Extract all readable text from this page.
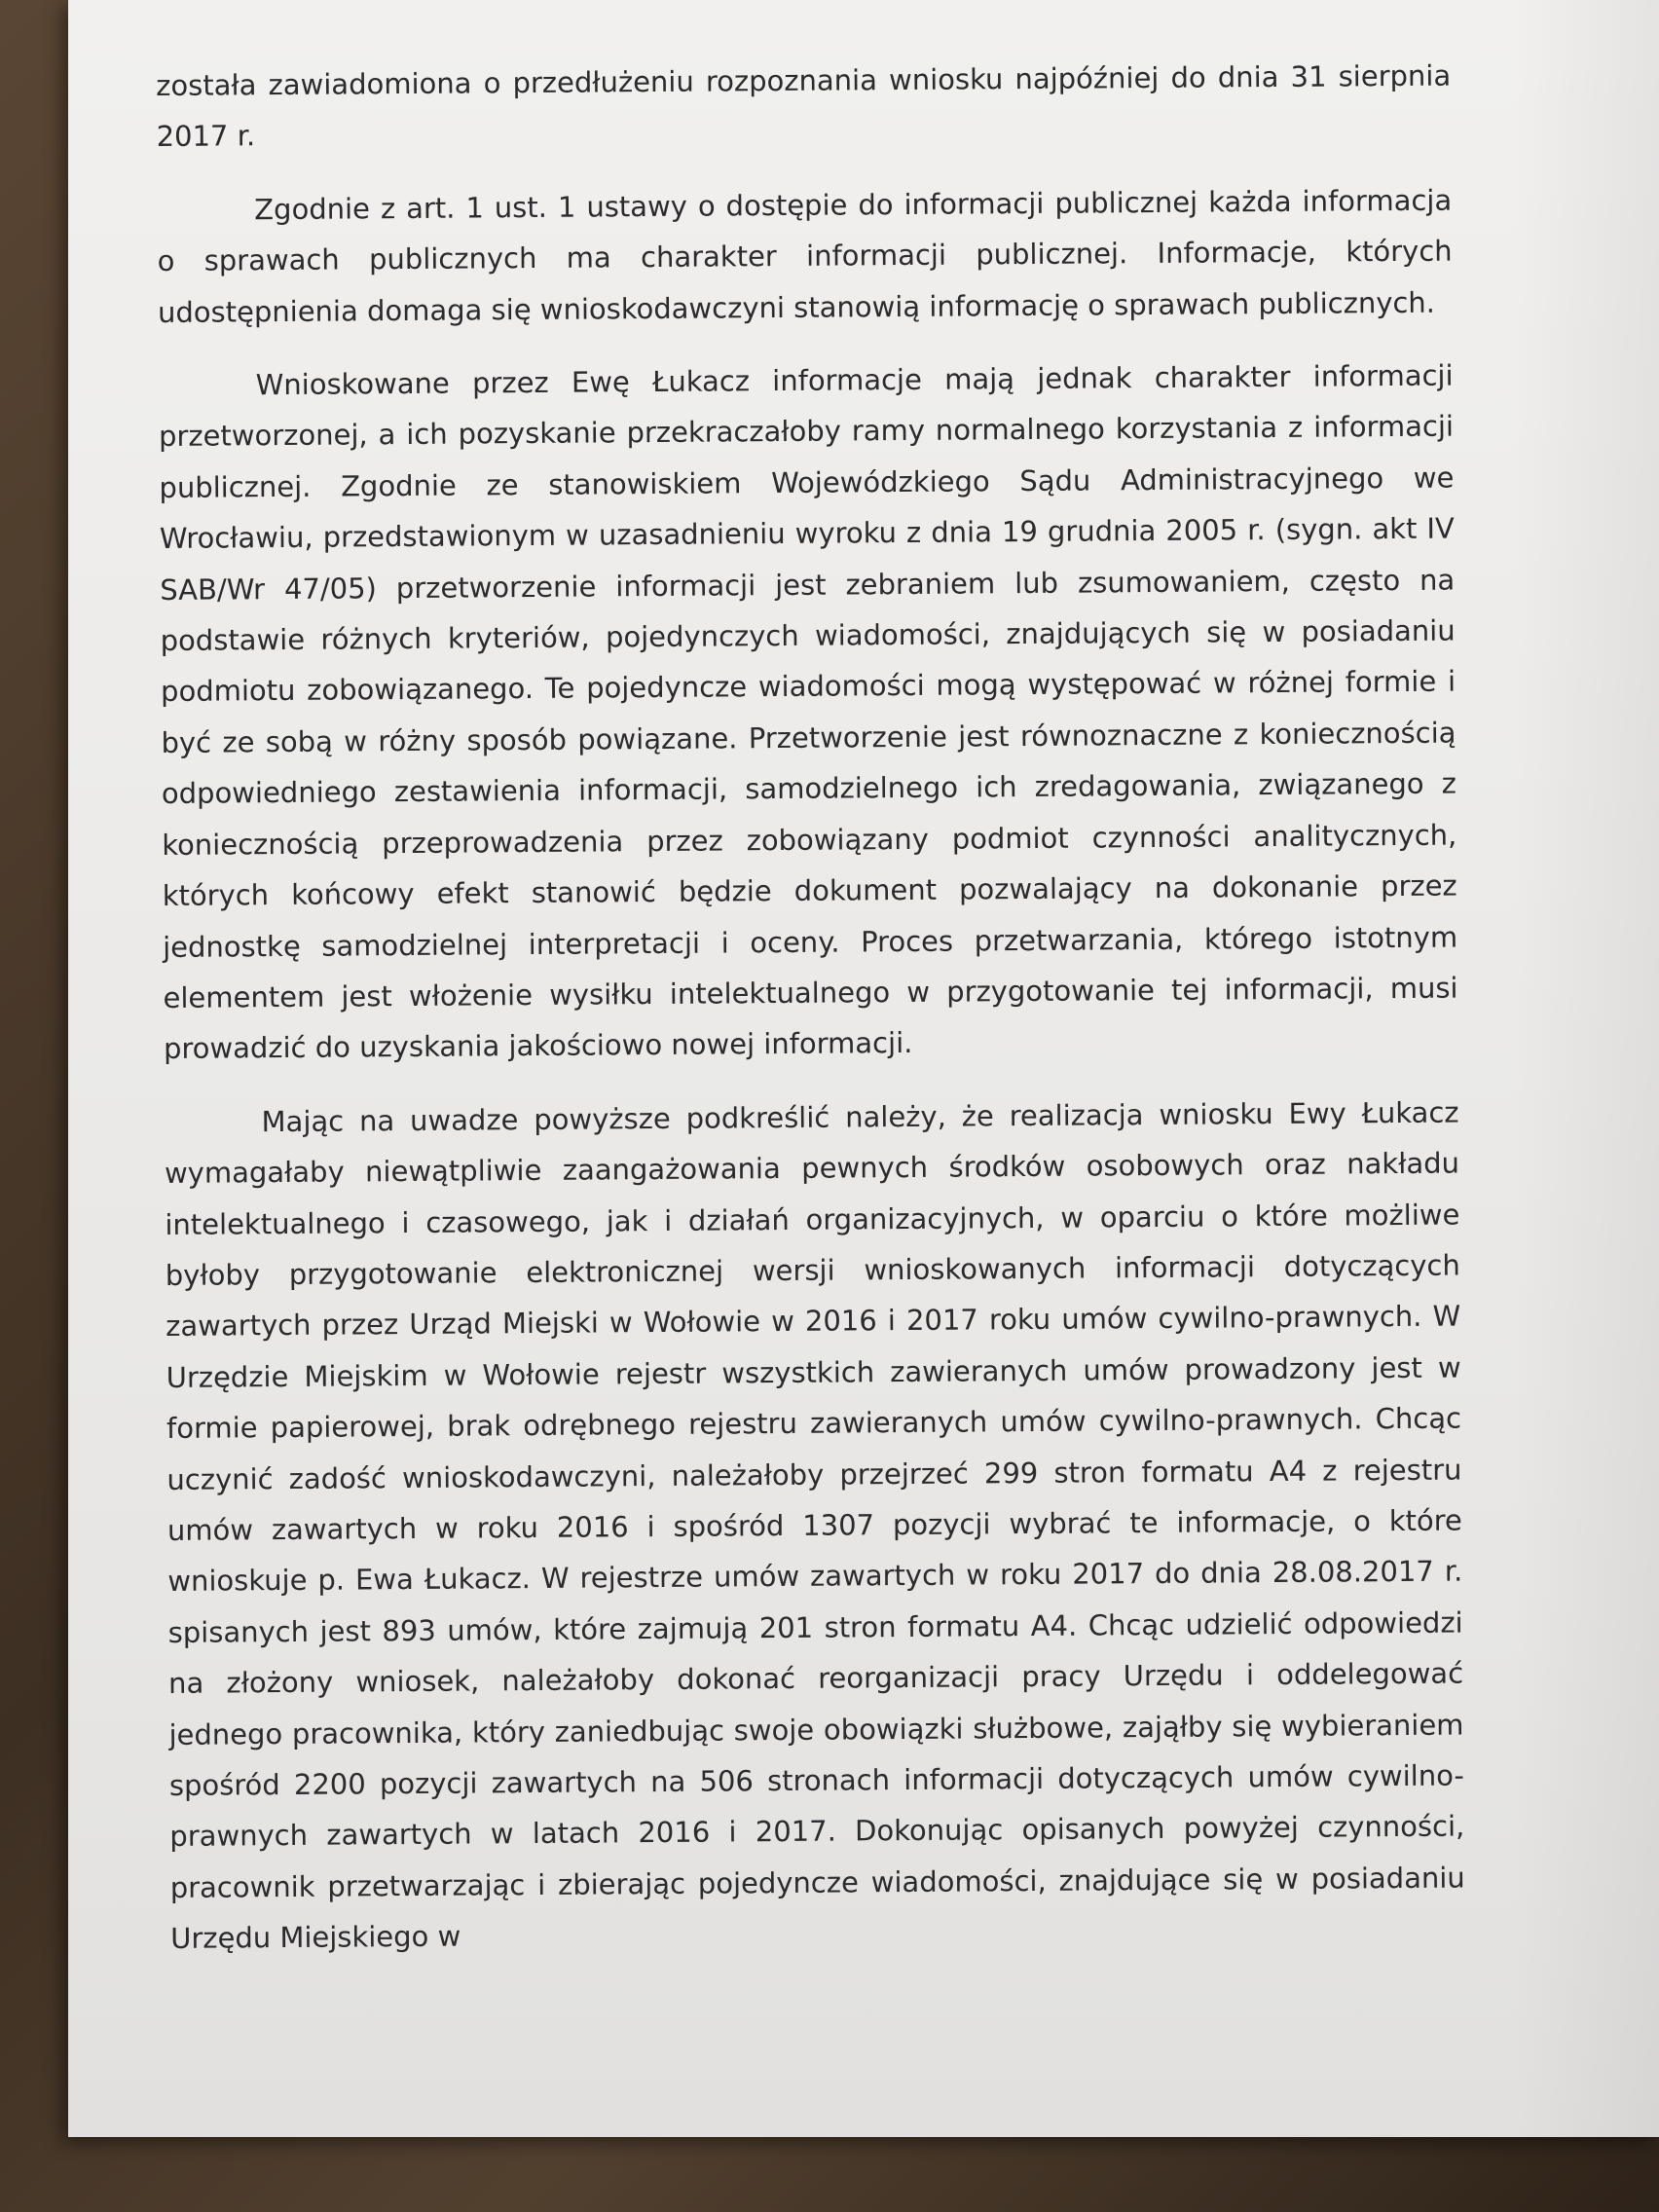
została zawiadomiona o przedłużeniu rozpoznania wniosku najpóźniej do dnia 31 sierpnia 2017 r.

Zgodnie z art. 1 ust. 1 ustawy o dostępie do informacji publicznej każda informacja o sprawach publicznych ma charakter informacji publicznej. Informacje, których udostępnienia domaga się wnioskodawczyni stanowią informację o sprawach publicznych.

Wnioskowane przez Ewę Łukacz informacje mają jednak charakter informacji przetworzonej, a ich pozyskanie przekraczałoby ramy normalnego korzystania z informacji publicznej. Zgodnie ze stanowiskiem Wojewódzkiego Sądu Administracyjnego we Wrocławiu, przedstawionym w uzasadnieniu wyroku z dnia 19 grudnia 2005 r. (sygn. akt IV SAB/Wr 47/05) przetworzenie informacji jest zebraniem lub zsumowaniem, często na podstawie różnych kryteriów, pojedynczych wiadomości, znajdujących się w posiadaniu podmiotu zobowiązanego. Te pojedyncze wiadomości mogą występować w różnej formie i być ze sobą w różny sposób powiązane. Przetworzenie jest równoznaczne z koniecznością odpowiedniego zestawienia informacji, samodzielnego ich zredagowania, związanego z koniecznością przeprowadzenia przez zobowiązany podmiot czynności analitycznych, których końcowy efekt stanowić będzie dokument pozwalający na dokonanie przez jednostkę samodzielnej interpretacji i oceny. Proces przetwarzania, którego istotnym elementem jest włożenie wysiłku intelektualnego w przygotowanie tej informacji, musi prowadzić do uzyskania jakościowo nowej informacji.

Mając na uwadze powyższe podkreślić należy, że realizacja wniosku Ewy Łukacz wymagałaby niewątpliwie zaangażowania pewnych środków osobowych oraz nakładu intelektualnego i czasowego, jak i działań organizacyjnych, w oparciu o które możliwe byłoby przygotowanie elektronicznej wersji wnioskowanych informacji dotyczących zawartych przez Urząd Miejski w Wołowie w 2016 i 2017 roku umów cywilno-prawnych. W Urzędzie Miejskim w Wołowie rejestr wszystkich zawieranych umów prowadzony jest w formie papierowej, brak odrębnego rejestru zawieranych umów cywilno-prawnych. Chcąc uczynić zadość wnioskodawczyni, należałoby przejrzeć 299 stron formatu A4 z rejestru umów zawartych w roku 2016 i spośród 1307 pozycji wybrać te informacje, o które wnioskuje p. Ewa Łukacz. W rejestrze umów zawartych w roku 2017 do dnia 28.08.2017 r. spisanych jest 893 umów, które zajmują 201 stron formatu A4. Chcąc udzielić odpowiedzi na złożony wniosek, należałoby dokonać reorganizacji pracy Urzędu i oddelegować jednego pracownika, który zaniedbując swoje obowiązki służbowe, zająłby się wybieraniem spośród 2200 pozycji zawartych na 506 stronach informacji dotyczących umów cywilno-prawnych zawartych w latach 2016 i 2017. Dokonując opisanych powyżej czynności, pracownik przetwarzając i zbierając pojedyncze wiadomości, znajdujące się w posiadaniu Urzędu Miejskiego w
